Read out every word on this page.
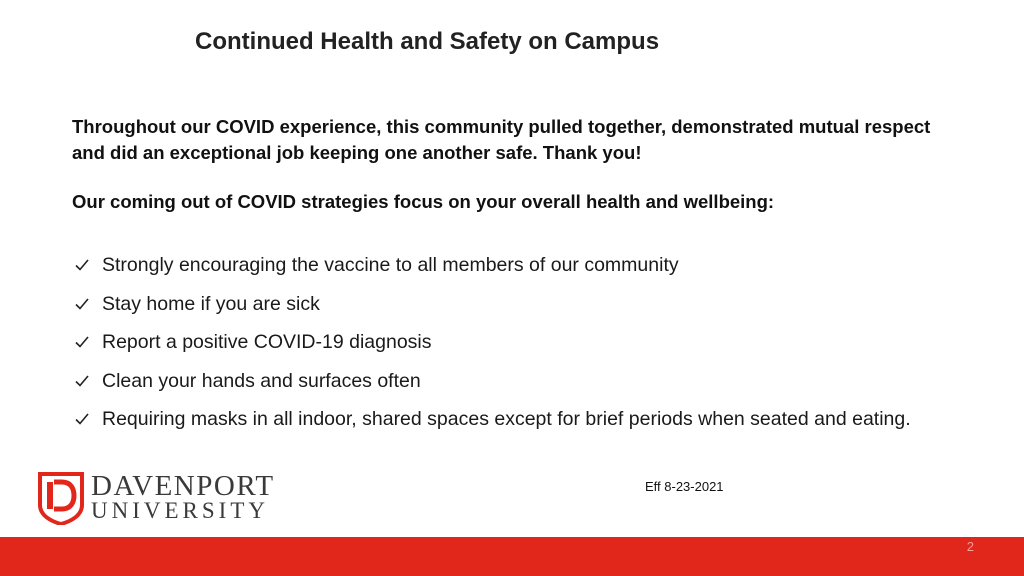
Continued Health and Safety on Campus
Throughout our COVID experience, this community pulled together, demonstrated mutual respect and did an exceptional job keeping one another safe. Thank you!
Our coming out of COVID strategies focus on your overall health and wellbeing:
Strongly encouraging the vaccine to all members of our community
Stay home if you are sick
Report a positive COVID-19 diagnosis
Clean your hands and surfaces often
Requiring masks in all indoor, shared spaces except for brief periods when seated and eating.
Eff 8-23-2021
DAVENPORT
UNIVERSITY
2
